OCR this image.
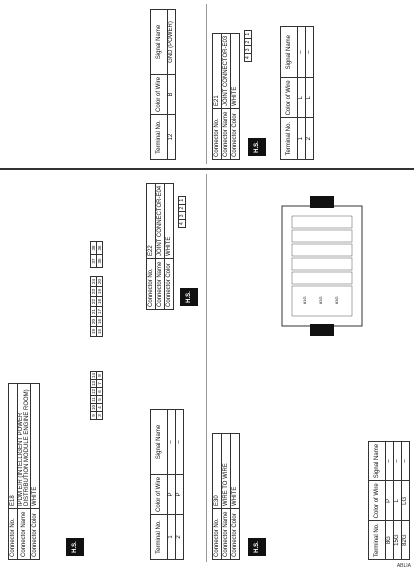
Connector No.	E21
Connector Name	JOINT CONNECTOR-E03
Connector Color	WHITE
4
3
2
1
H.S.	Terminal No.	Color of Wire	Signal Name
1	L	–
2	L	–
Terminal No.	Color of Wire	Signal Name
12	B	GND (POWER)
Connector No.	E18
Connector Name	IPDM E/R (INTELLIGENT POWER DISTRIBUTION MODULE ENGINE ROOM)
Connector Color	WHITE
H.S.
9
10
11
12
13
14
3
4
5
6
7
8
19
20
21
22
23
24
15
16
17
18
19
20
37
38
35
36
Connector No.	E22
Connector Name	JOINT CONNECTOR-E04
Connector Color	WHITE
4
3
2
1
H.S.
Terminal No.	Color of Wire	Signal Name
1	P	–
2	P	–
Connector No.	E30
Connector Name	WIRE TO WIRE
Connector Color	WHITE
H.S.
81G	82G	83G
Terminal No.	Color of Wire	Signal Name
8G	P	–
15G	L	–
82G	LG	–
ABLIA
